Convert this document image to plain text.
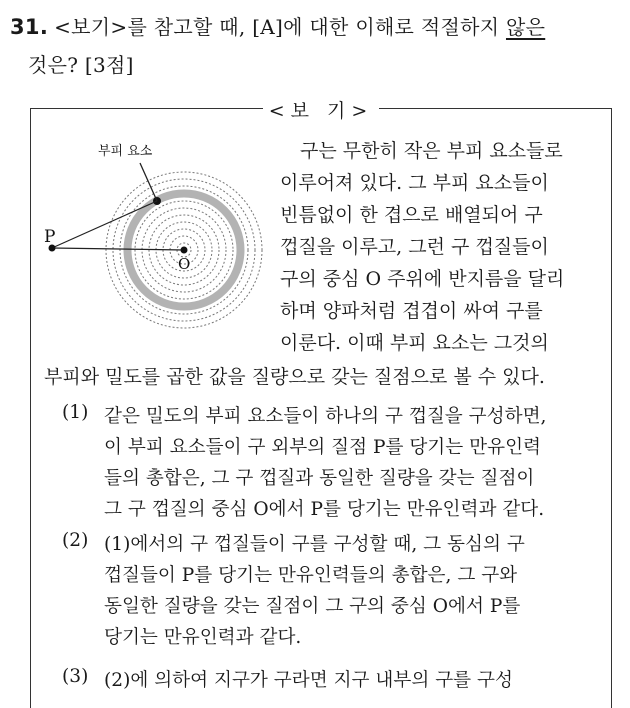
31. <보기>를 참고할 때, [A]에 대한 이해로 적절하지 않은
것은? [3점]
<보 기>
부피 요소
P
O
구는 무한히 작은 부피 요소들로
이루어져 있다. 그 부피 요소들이
빈틈없이 한 겹으로 배열되어 구
껍질을 이루고, 그런 구 껍질들이
구의 중심 O 주위에 반지름을 달리
하며 양파처럼 겹겹이 싸여 구를
이룬다. 이때 부피 요소는 그것의
부피와 밀도를 곱한 값을 질량으로 갖는 질점으로 볼 수 있다.
(1) 같은 밀도의 부피 요소들이 하나의 구 껍질을 구성하면,
이 부피 요소들이 구 외부의 질점 P를 당기는 만유인력
들의 총합은, 그 구 껍질과 동일한 질량을 갖는 질점이
그 구 껍질의 중심 O에서 P를 당기는 만유인력과 같다.
(2) (1)에서의 구 껍질들이 구를 구성할 때, 그 동심의 구
껍질들이 P를 당기는 만유인력들의 총합은, 그 구와
동일한 질량을 갖는 질점이 그 구의 중심 O에서 P를
당기는 만유인력과 같다.
(3) (2)에 의하여 지구가 구라면 지구 내부의 구를 구성
